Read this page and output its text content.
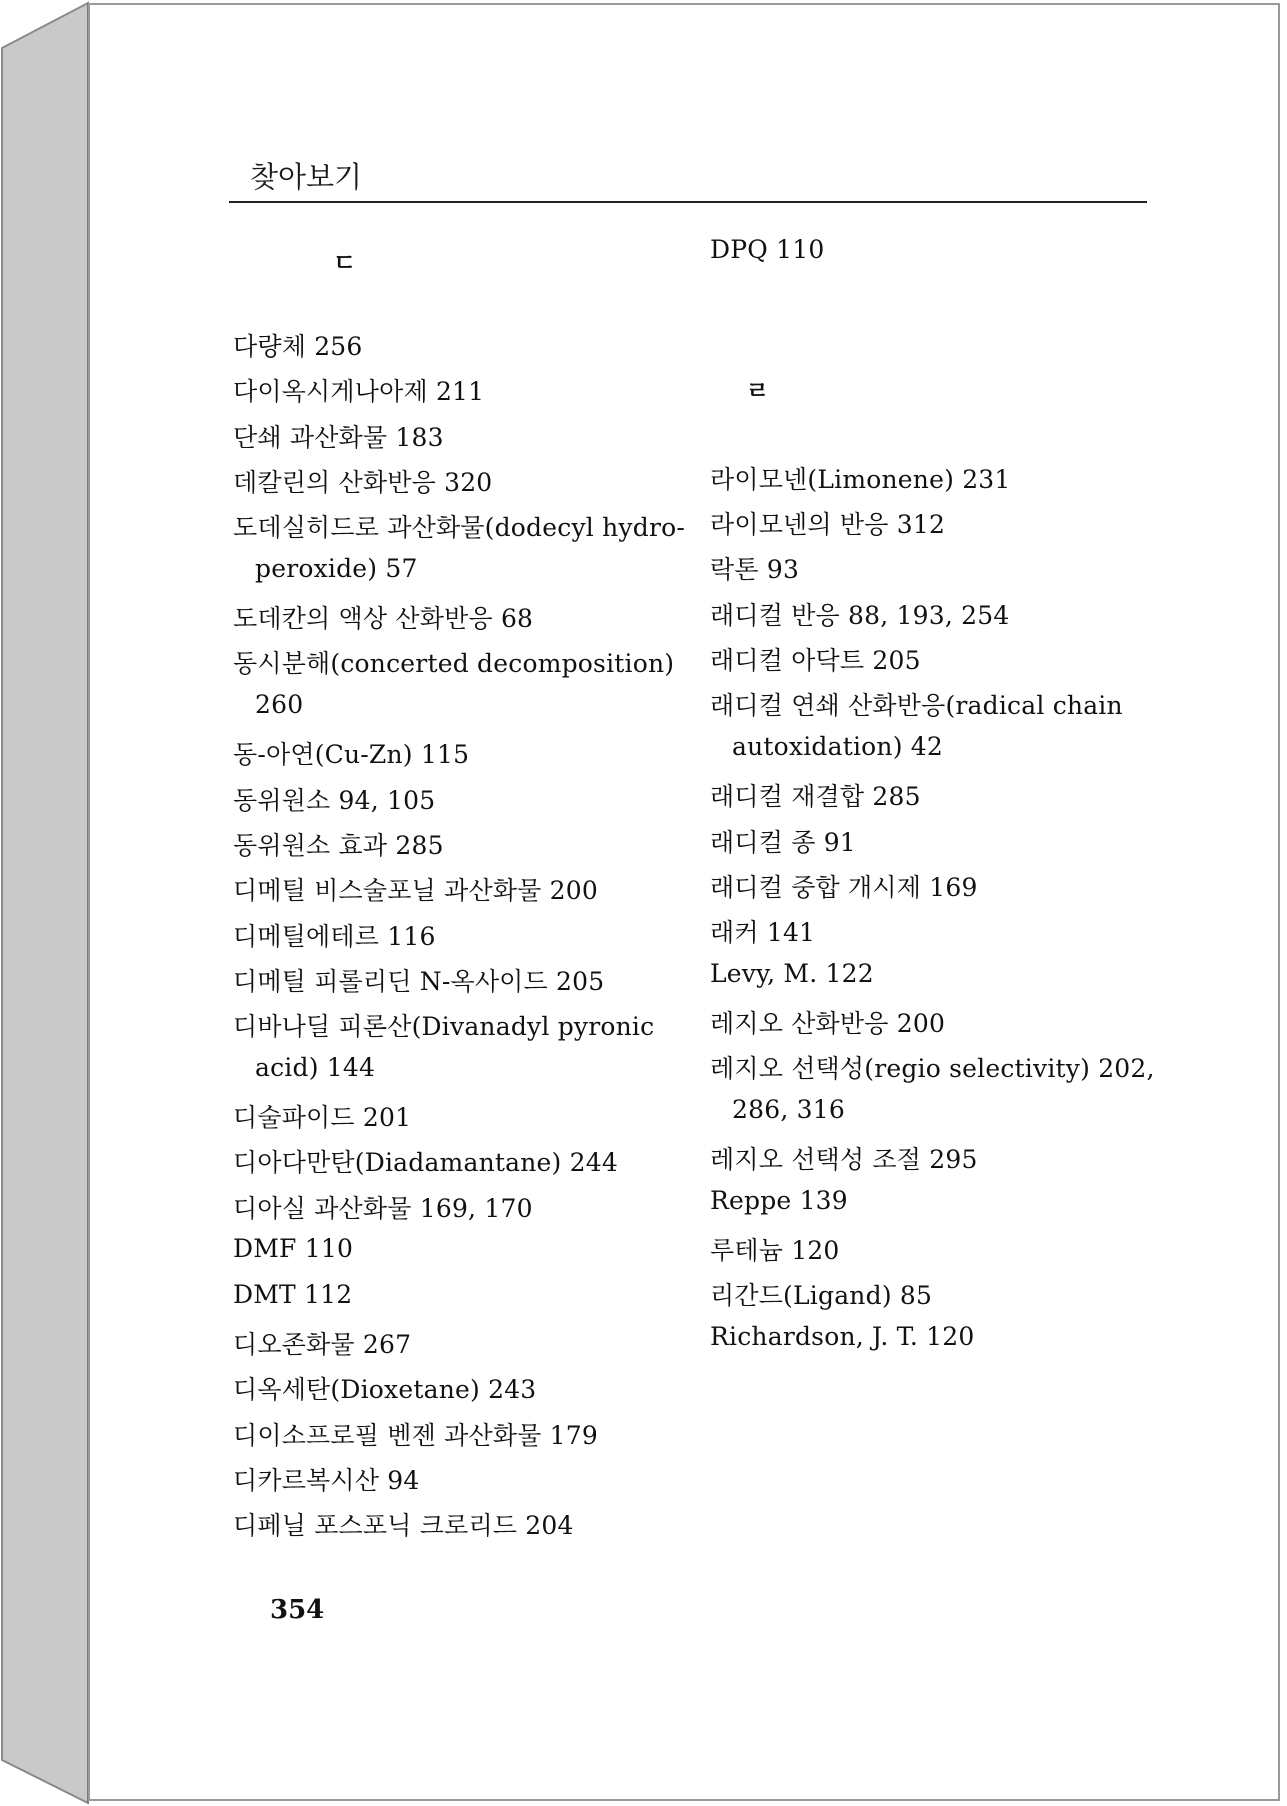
찾아보기
ㄷ
다량체 256
다이옥시게나아제 211
단쇄 과산화물 183
데칼린의 산화반응 320
도데실히드로 과산화물(dodecyl hydro-
peroxide) 57
도데칸의 액상 산화반응 68
동시분해(concerted decomposition)
260
동-아연(Cu-Zn) 115
동위원소 94, 105
동위원소 효과 285
디메틸 비스술포닐 과산화물 200
디메틸에테르 116
디메틸 피롤리딘 N-옥사이드 205
디바나딜 피론산(Divanadyl pyronic
acid) 144
디술파이드 201
디아다만탄(Diadamantane) 244
디아실 과산화물 169, 170
DMF 110
DMT 112
디오존화물 267
디옥세탄(Dioxetane) 243
디이소프로필 벤젠 과산화물 179
디카르복시산 94
디페닐 포스포닉 크로리드 204
DPQ 110
ㄹ
라이모넨(Limonene) 231
라이모넨의 반응 312
락톤 93
래디컬 반응 88, 193, 254
래디컬 아닥트 205
래디컬 연쇄 산화반응(radical chain
autoxidation) 42
래디컬 재결합 285
래디컬 종 91
래디컬 중합 개시제 169
래커 141
Levy, M. 122
레지오 산화반응 200
레지오 선택성(regio selectivity) 202,
286, 316
레지오 선택성 조절 295
Reppe 139
루테늄 120
리간드(Ligand) 85
Richardson, J. T. 120
354
